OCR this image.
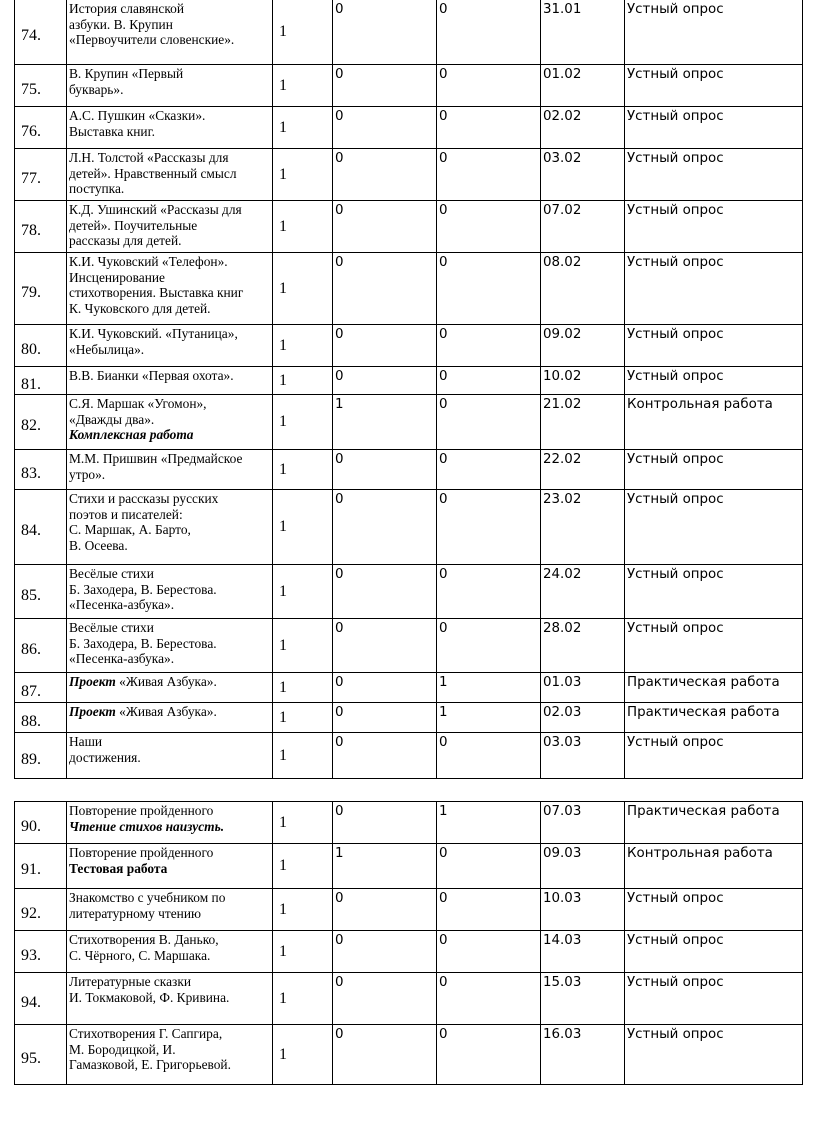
74.	История славянской
азбуки. В. Крупин
«Первоучители словенские».	1	0	0	31.01	Устный опрос
75.	В. Крупин «Первый
букварь».	1	0	0	01.02	Устный опрос
76.	А.С. Пушкин «Сказки».
Выставка книг.	1	0	0	02.02	Устный опрос
77.	Л.Н. Толстой «Рассказы для
детей». Нравственный смысл
поступка.	1	0	0	03.02	Устный опрос
78.	К.Д. Ушинский «Рассказы для
детей». Поучительные
рассказы для детей.	1	0	0	07.02	Устный опрос
79.	К.И. Чуковский «Телефон».
Инсценирование
стихотворения. Выставка книг
К. Чуковского для детей.	1	0	0	08.02	Устный опрос
80.	К.И. Чуковский. «Путаница»,
«Небылица».	1	0	0	09.02	Устный опрос
81.	В.В. Бианки «Первая охота».	1	0	0	10.02	Устный опрос
82.	С.Я. Маршак «Угомон»,
«Дважды два».
Комплексная работа	1	1	0	21.02	Контрольная работа
83.	М.М. Пришвин «Предмайское
утро».	1	0	0	22.02	Устный опрос
84.	Стихи и рассказы русских
поэтов и писателей:
С. Маршак, А. Барто,
В. Осеева.	1	0	0	23.02	Устный опрос
85.	Весёлые стихи
Б. Заходера, В. Берестова.
«Песенка-азбука».	1	0	0	24.02	Устный опрос
86.	Весёлые стихи
Б. Заходера, В. Берестова.
«Песенка-азбука».	1	0	0	28.02	Устный опрос
87.	Проект «Живая Азбука».	1	0	1	01.03	Практическая работа
88.	Проект «Живая Азбука».	1	0	1	02.03	Практическая работа
89.	Наши
достижения.	1	0	0	03.03	Устный опрос
90.	Повторение пройденного
Чтение стихов наизусть.	1	0	1	07.03	Практическая работа
91.	Повторение пройденного
Тестовая работа	1	1	0	09.03	Контрольная работа
92.	Знакомство с учебником по
литературному чтению	1	0	0	10.03	Устный опрос
93.	Стихотворения В. Данько,
С. Чёрного, С. Маршака.	1	0	0	14.03	Устный опрос
94.	Литературные сказки
И. Токмаковой, Ф. Кривина.	1	0	0	15.03	Устный опрос
95.	Стихотворения Г. Сапгира,
М. Бородицкой, И.
Гамазковой, Е. Григорьевой.	1	0	0	16.03	Устный опрос
